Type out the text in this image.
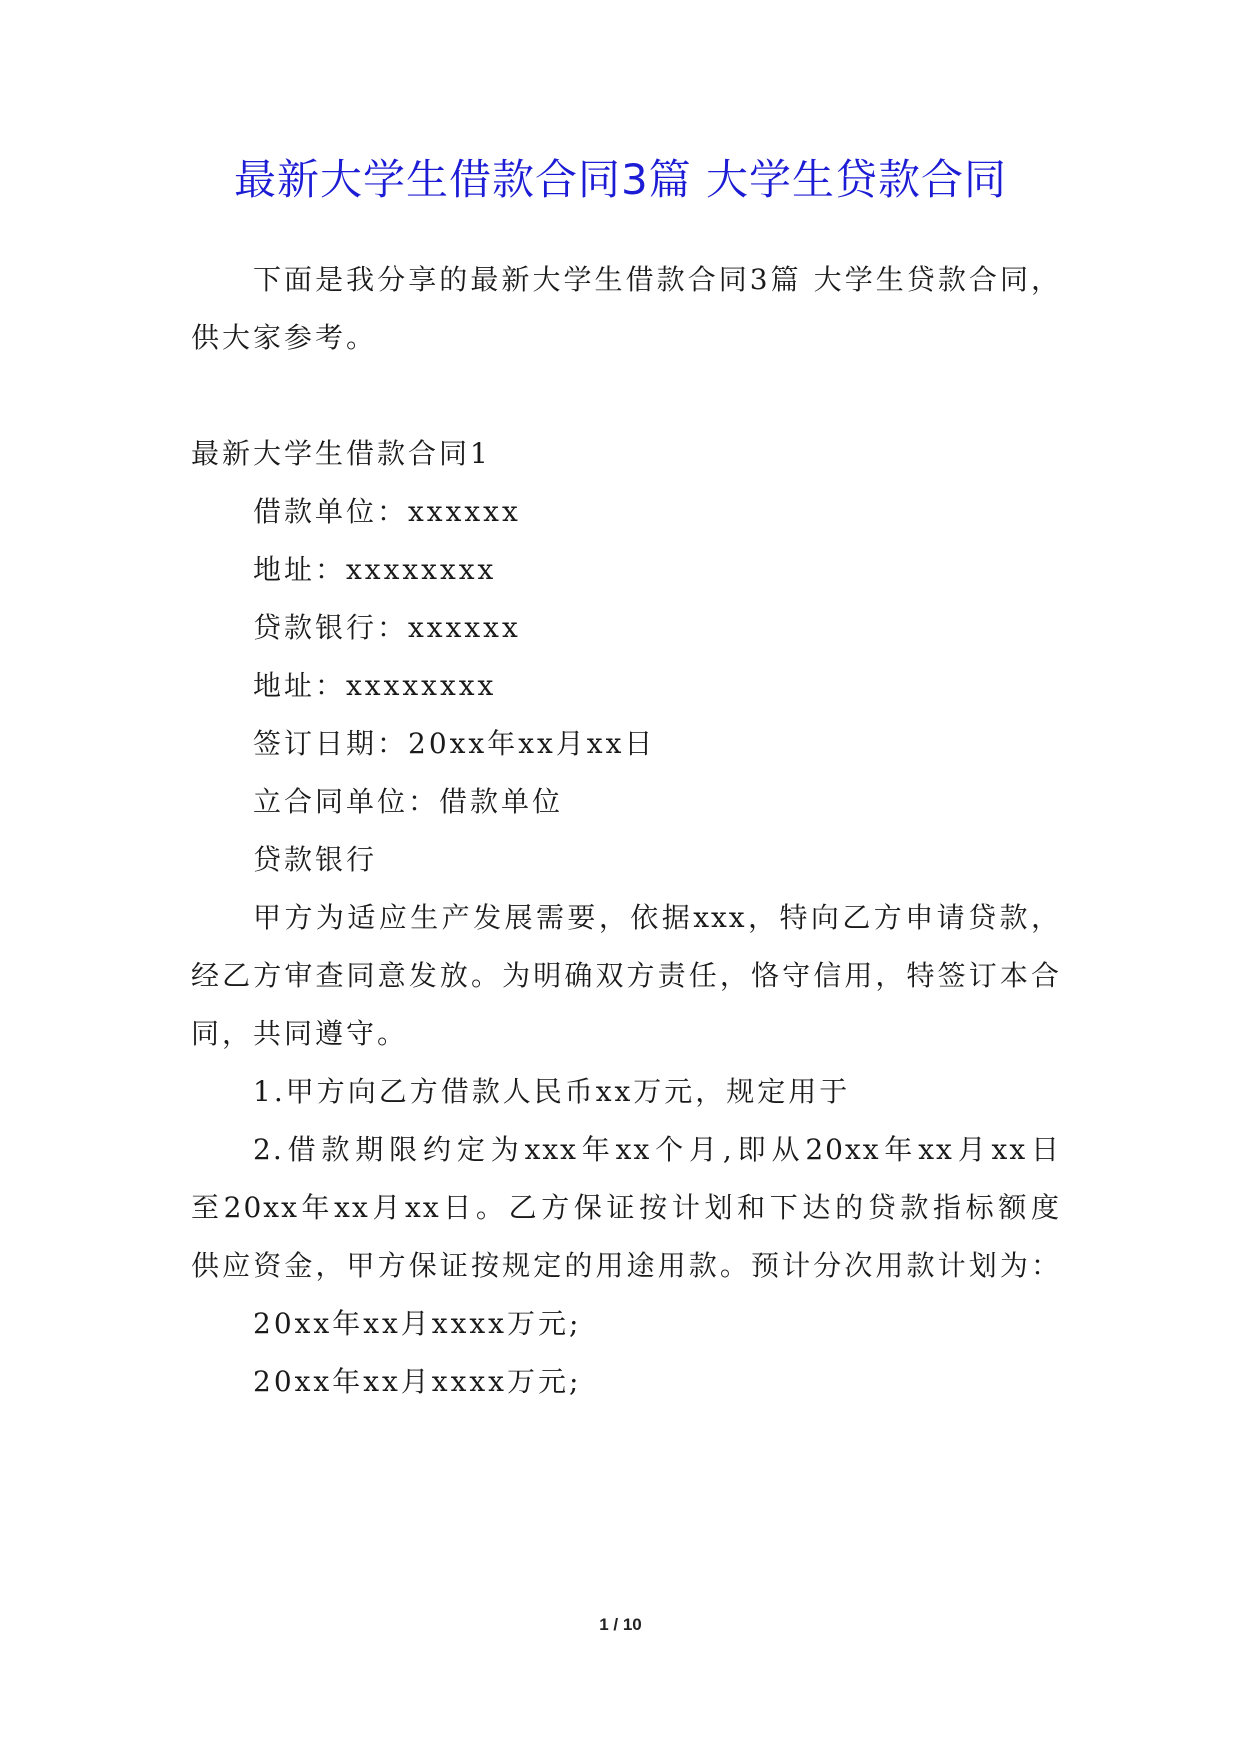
最新大学生借款合同3篇 大学生贷款合同
下面是我分享的最新大学生借款合同3篇 大学生贷款合同，
供大家参考。
最新大学生借款合同1
借款单位：xxxxxx
地址：xxxxxxxx
贷款银行：xxxxxx
地址：xxxxxxxx
签订日期：20xx年xx月xx日
立合同单位：借款单位
贷款银行
甲方为适应生产发展需要，依据xxx，特向乙方申请贷款，
经乙方审查同意发放。为明确双方责任，恪守信用，特签订本合
同，共同遵守。
1.甲方向乙方借款人民币xx万元，规定用于
2.借款期限约定为xxx年xx个月,即从20xx年xx月xx日
至20xx年xx月xx日。乙方保证按计划和下达的贷款指标额度
供应资金，甲方保证按规定的用途用款。预计分次用款计划为：
20xx年xx月xxxx万元;
20xx年xx月xxxx万元;
1 / 10
